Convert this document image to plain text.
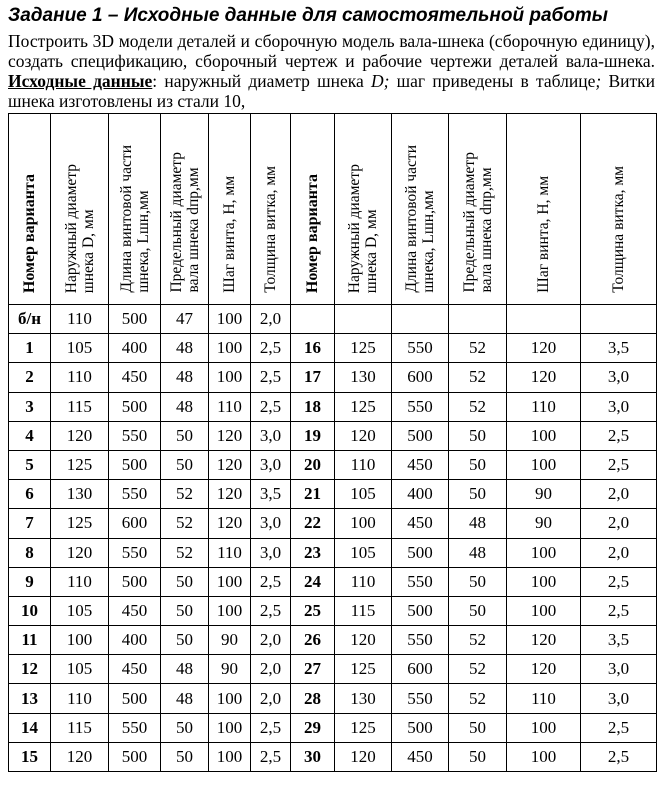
Задание 1 – Исходные данные для самостоятельной работы

Построить 3D модели деталей и сборочную модель вала-шнека (сборочную единицу), создать спецификацию, сборочный чертеж и рабочие чертежи деталей вала-шнека. Исходные данные: наружный диаметр шнека D; шаг приведены в таблице; Витки шнека изготовлены из стали 10,

Номер варианта	Наружный диаметр
шнека D, мм	Длина винтовой части
шнека, Lшн,мм	Предельный диаметр
вала шнека dпр,мм	Шаг винта, H, мм	Толщина витка, мм	Номер варианта	Наружный диаметр
шнека D, мм	Длина винтовой части
шнека, Lшн,мм	Предельный диаметр
вала шнека dпр,мм	Шаг винта, H, мм	Толщина витка, мм
б/н	110	500	47	100	2,0						
1	105	400	48	100	2,5	16	125	550	52	120	3,5
2	110	450	48	100	2,5	17	130	600	52	120	3,0
3	115	500	48	110	2,5	18	125	550	52	110	3,0
4	120	550	50	120	3,0	19	120	500	50	100	2,5
5	125	500	50	120	3,0	20	110	450	50	100	2,5
6	130	550	52	120	3,5	21	105	400	50	90	2,0
7	125	600	52	120	3,0	22	100	450	48	90	2,0
8	120	550	52	110	3,0	23	105	500	48	100	2,0
9	110	500	50	100	2,5	24	110	550	50	100	2,5
10	105	450	50	100	2,5	25	115	500	50	100	2,5
11	100	400	50	90	2,0	26	120	550	52	120	3,5
12	105	450	48	90	2,0	27	125	600	52	120	3,0
13	110	500	48	100	2,0	28	130	550	52	110	3,0
14	115	550	50	100	2,5	29	125	500	50	100	2,5
15	120	500	50	100	2,5	30	120	450	50	100	2,5
